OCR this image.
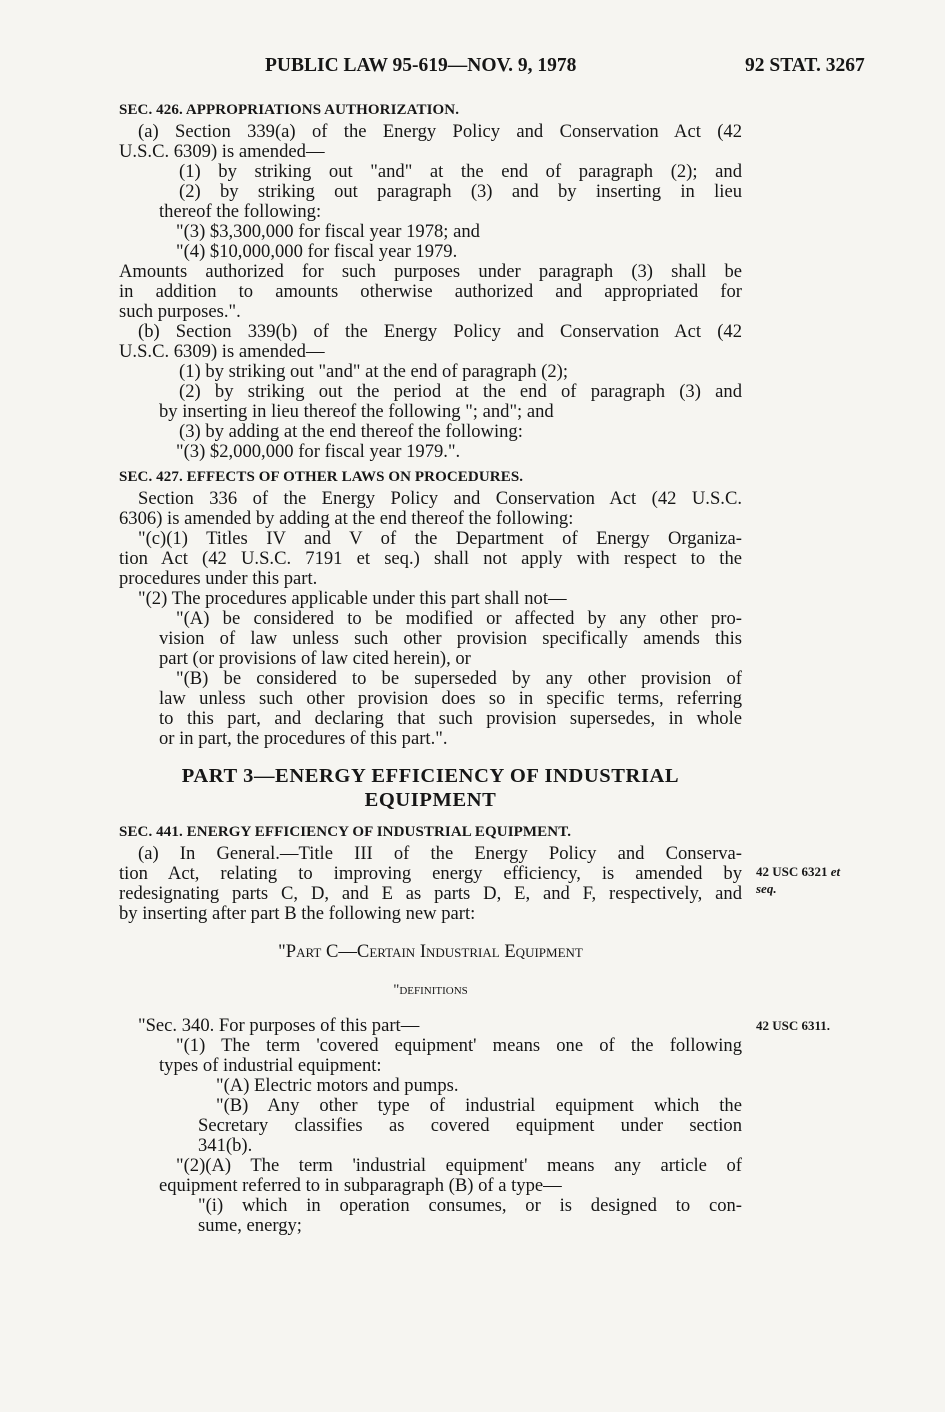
PUBLIC LAW 95-619—NOV. 9, 1978	92 STAT. 3267
SEC. 426. APPROPRIATIONS AUTHORIZATION.
(a) Section 339(a) of the Energy Policy and Conservation Act (42
U.S.C. 6309) is amended—
(1) by striking out "and" at the end of paragraph (2); and
(2) by striking out paragraph (3) and by inserting in lieu
thereof the following:
"(3) $3,300,000 for fiscal year 1978; and
"(4) $10,000,000 for fiscal year 1979.
Amounts authorized for such purposes under paragraph (3) shall be
in addition to amounts otherwise authorized and appropriated for
such purposes.".
(b) Section 339(b) of the Energy Policy and Conservation Act (42
U.S.C. 6309) is amended—
(1) by striking out "and" at the end of paragraph (2);
(2) by striking out the period at the end of paragraph (3) and
by inserting in lieu thereof the following "; and"; and
(3) by adding at the end thereof the following:
"(3) $2,000,000 for fiscal year 1979.".
SEC. 427. EFFECTS OF OTHER LAWS ON PROCEDURES.
Section 336 of the Energy Policy and Conservation Act (42 U.S.C.
6306) is amended by adding at the end thereof the following:
"(c)(1) Titles IV and V of the Department of Energy Organiza-
tion Act (42 U.S.C. 7191 et seq.) shall not apply with respect to the
procedures under this part.
"(2) The procedures applicable under this part shall not—
"(A) be considered to be modified or affected by any other pro-
vision of law unless such other provision specifically amends this
part (or provisions of law cited herein), or
"(B) be considered to be superseded by any other provision of
law unless such other provision does so in specific terms, referring
to this part, and declaring that such provision supersedes, in whole
or in part, the procedures of this part.".
PART 3—ENERGY EFFICIENCY OF INDUSTRIAL
EQUIPMENT
SEC. 441. ENERGY EFFICIENCY OF INDUSTRIAL EQUIPMENT.
(a) In General.—Title III of the Energy Policy and Conserva-
tion Act, relating to improving energy efficiency, is amended by
redesignating parts C, D, and E as parts D, E, and F, respectively, and
by inserting after part B the following new part:
"Part C—Certain Industrial Equipment
"definitions
"Sec. 340. For purposes of this part—
"(1) The term 'covered equipment' means one of the following
types of industrial equipment:
"(A) Electric motors and pumps.
"(B) Any other type of industrial equipment which the
Secretary classifies as covered equipment under section
341(b).
"(2)(A) The term 'industrial equipment' means any article of
equipment referred to in subparagraph (B) of a type—
"(i) which in operation consumes, or is designed to con-
sume, energy;
42 USC 6321 et
seq.
42 USC 6311.
